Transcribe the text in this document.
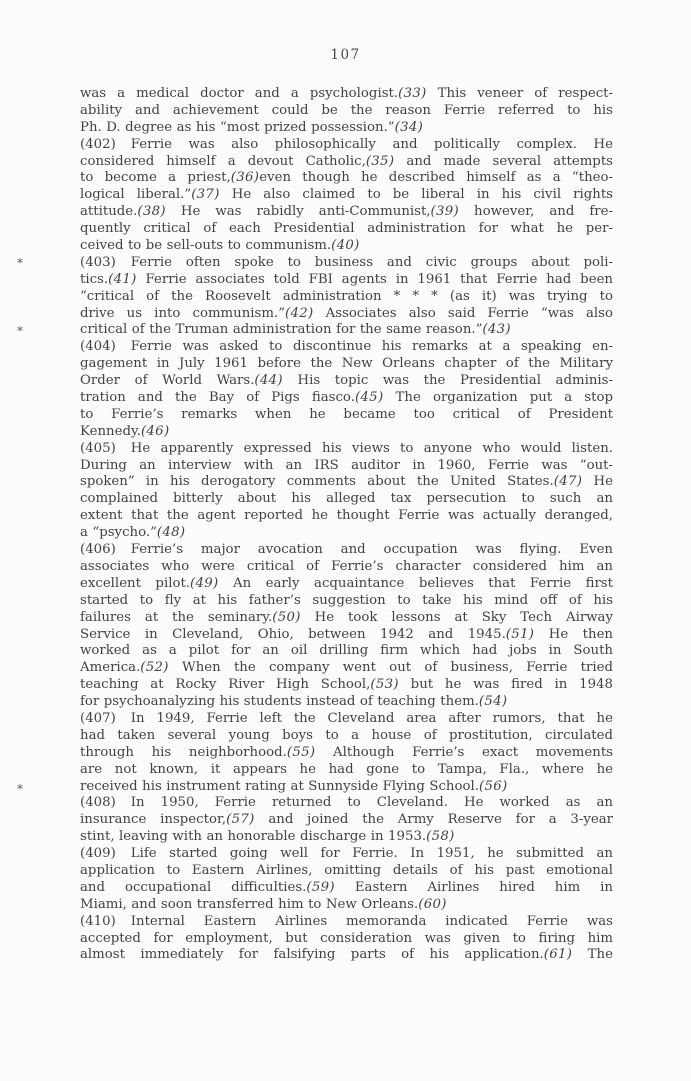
107
was a medical doctor and a psychologist.(33) This veneer of respect-
ability and achievement could be the reason Ferrie referred to his
Ph. D. degree as his “most prized possession.”(34)
(402) Ferrie was also philosophically and politically complex. He
considered himself a devout Catholic,(35) and made several attempts
to become a priest,(36)even though he described himself as a “theo-
logical liberal.”(37) He also claimed to be liberal in his civil rights
attitude.(38) He was rabidly anti-Communist,(39) however, and fre-
quently critical of each Presidential administration for what he per-
ceived to be sell-outs to communism.(40)
(403) Ferrie often spoke to business and civic groups about poli-
tics.(41) Ferrie associates told FBI agents in 1961 that Ferrie had been
“critical of the Roosevelt administration * * * (as it) was trying to
drive us into communism.”(42) Associates also said Ferrie “was also
critical of the Truman administration for the same reason.”(43)
(404) Ferrie was asked to discontinue his remarks at a speaking en-
gagement in July 1961 before the New Orleans chapter of the Military
Order of World Wars.(44) His topic was the Presidential adminis-
tration and the Bay of Pigs fiasco.(45) The organization put a stop
to Ferrie’s remarks when he became too critical of President
Kennedy.(46)
(405) He apparently expressed his views to anyone who would listen.
During an interview with an IRS auditor in 1960, Ferrie was “out-
spoken” in his derogatory comments about the United States.(47) He
complained bitterly about his alleged tax persecution to such an
extent that the agent reported he thought Ferrie was actually deranged,
a “psycho.”(48)
(406) Ferrie’s major avocation and occupation was flying. Even
associates who were critical of Ferrie’s character considered him an
excellent pilot.(49) An early acquaintance believes that Ferrie first
started to fly at his father’s suggestion to take his mind off of his
failures at the seminary.(50) He took lessons at Sky Tech Airway
Service in Cleveland, Ohio, between 1942 and 1945.(51) He then
worked as a pilot for an oil drilling firm which had jobs in South
America.(52) When the company went out of business, Ferrie tried
teaching at Rocky River High School,(53) but he was fired in 1948
for psychoanalyzing his students instead of teaching them.(54)
(407) In 1949, Ferrie left the Cleveland area after rumors, that he
had taken several young boys to a house of prostitution, circulated
through his neighborhood.(55) Although Ferrie’s exact movements
are not known, it appears he had gone to Tampa, Fla., where he
received his instrument rating at Sunnyside Flying School.(56)
(408) In 1950, Ferrie returned to Cleveland. He worked as an
insurance inspector,(57) and joined the Army Reserve for a 3-year
stint, leaving with an honorable discharge in 1953.(58)
(409) Life started going well for Ferrie. In 1951, he submitted an
application to Eastern Airlines, omitting details of his past emotional
and occupational difficulties.(59) Eastern Airlines hired him in
Miami, and soon transferred him to New Orleans.(60)
(410) Internal Eastern Airlines memoranda indicated Ferrie was
accepted for employment, but consideration was given to firing him
almost immediately for falsifying parts of his application.(61) The
*
*
*
